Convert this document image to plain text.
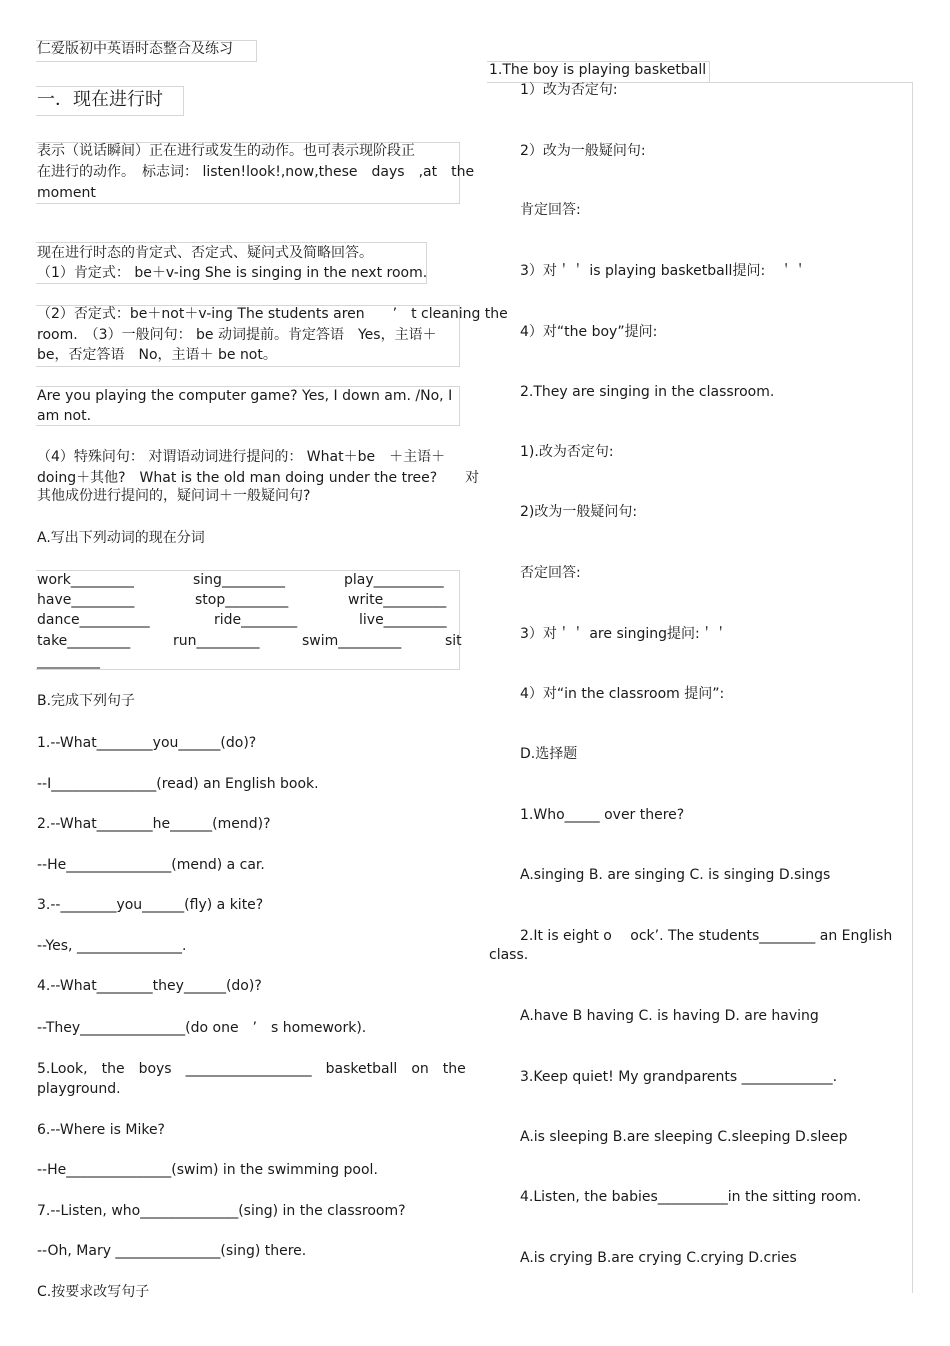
仁爱版初中英语时态整合及练习
一．现在进行时
表示（说话瞬间）正在进行或发生的动作。也可表示现阶段正
在进行的动作。　标志词： listen!look!,now,these　days　,at　the
moment
现在进行时态的肯定式、否定式、疑问式及简略回答。
（1）肯定式： be＋v-ing She is singing in the next room.
（2）否定式：be＋not＋v-ing The students aren　　’　t cleaning the
room.　（3）一般问句： be 动词提前。肯定答语　Yes，主语＋
be，否定答语　No，主语＋ be not。
Are you playing the computer game? Yes, I down am. /No, I
am not.
（4）特殊问句： 对谓语动词进行提问的： What＋be　＋主语＋
doing＋其他?　What is the old man doing under the tree?　　对
其他成份进行提问的，疑问词＋一般疑问句?
A.写出下列动词的现在分词
work_________	sing_________	play__________
have_________	stop_________	write_________
dance__________	ride________	live_________
take_________	run_________	swim_________	sit
_________
B.完成下列句子
1.--What________you______(do)?
--I_______________(read) an English book.
2.--What________he______(mend)?
--He_______________(mend) a car.
3.--________you______(fly) a kite?
--Yes, _______________.
4.--What________they______(do)?
--They_______________(do one　’　s homework).
5.Look,　the　boys　__________________　basketball　on　the
playground.
6.--Where is Mike?
--He_______________(swim) in the swimming pool.
7.--Listen, who______________(sing) in the classroom?
--Oh, Mary _______________(sing) there.
C.按要求改写句子
1.The boy is playing basketball
1）改为否定句:
2）改为一般疑问句:
肯定回答:
3）对＇＇ is playing basketball提问:　＇＇
4）对“the boy”提问:
2.They are singing in the classroom.
1).改为否定句:
2)改为一般疑问句:
否定回答:
3）对＇＇ are singing提问:＇＇
4）对“in the classroom 提问”:
D.选择题
1.Who_____ over there?
A.singing B. are singing C. is singing D.sings
2.It is eight o　 ock’. The students________ an English
class.
A.have B having C. is having D. are having
3.Keep quiet! My grandparents _____________.
A.is sleeping B.are sleeping C.sleeping D.sleep
4.Listen, the babies__________in the sitting room.
A.is crying B.are crying C.crying D.cries
